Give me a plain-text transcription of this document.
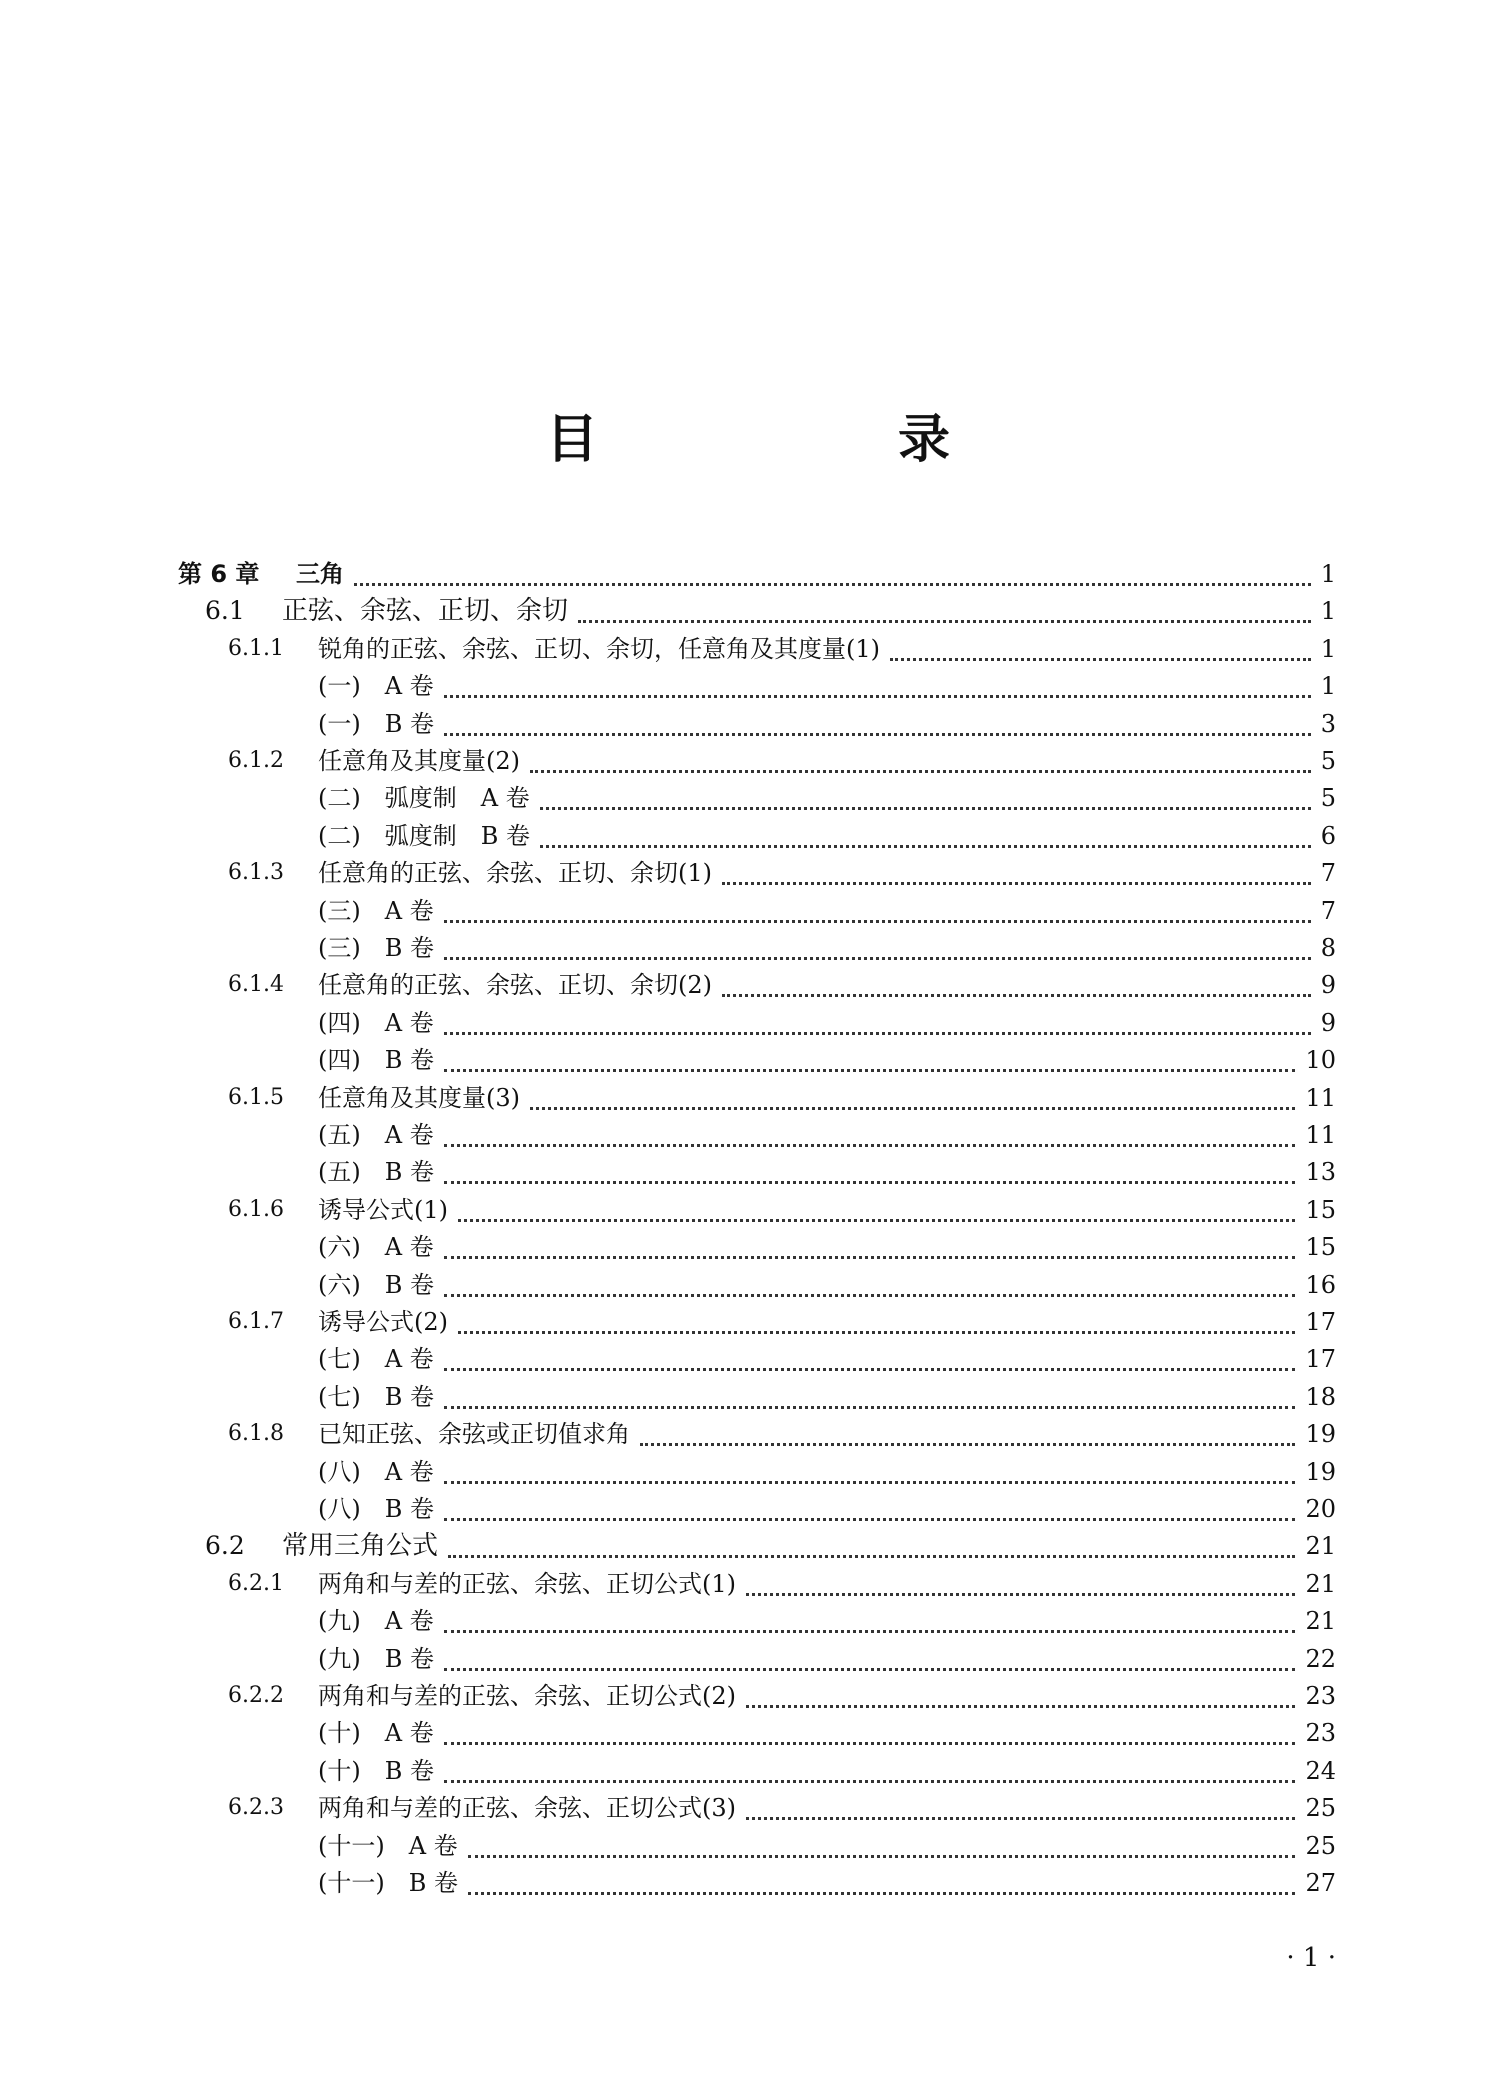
目　录
第 6 章 三角	1
6.1 正弦、余弦、正切、余切	1
6.1.1 锐角的正弦、余弦、正切、余切，任意角及其度量(1)	1
(一)　A 卷	1
(一)　B 卷	3
6.1.2 任意角及其度量(2)	5
(二)　弧度制　A 卷	5
(二)　弧度制　B 卷	6
6.1.3 任意角的正弦、余弦、正切、余切(1)	7
(三)　A 卷	7
(三)　B 卷	8
6.1.4 任意角的正弦、余弦、正切、余切(2)	9
(四)　A 卷	9
(四)　B 卷	10
6.1.5 任意角及其度量(3)	11
(五)　A 卷	11
(五)　B 卷	13
6.1.6 诱导公式(1)	15
(六)　A 卷	15
(六)　B 卷	16
6.1.7 诱导公式(2)	17
(七)　A 卷	17
(七)　B 卷	18
6.1.8 已知正弦、余弦或正切值求角	19
(八)　A 卷	19
(八)　B 卷	20
6.2 常用三角公式	21
6.2.1 两角和与差的正弦、余弦、正切公式(1)	21
(九)　A 卷	21
(九)　B 卷	22
6.2.2 两角和与差的正弦、余弦、正切公式(2)	23
(十)　A 卷	23
(十)　B 卷	24
6.2.3 两角和与差的正弦、余弦、正切公式(3)	25
(十一)　A 卷	25
(十一)　B 卷	27
· 1 ·
